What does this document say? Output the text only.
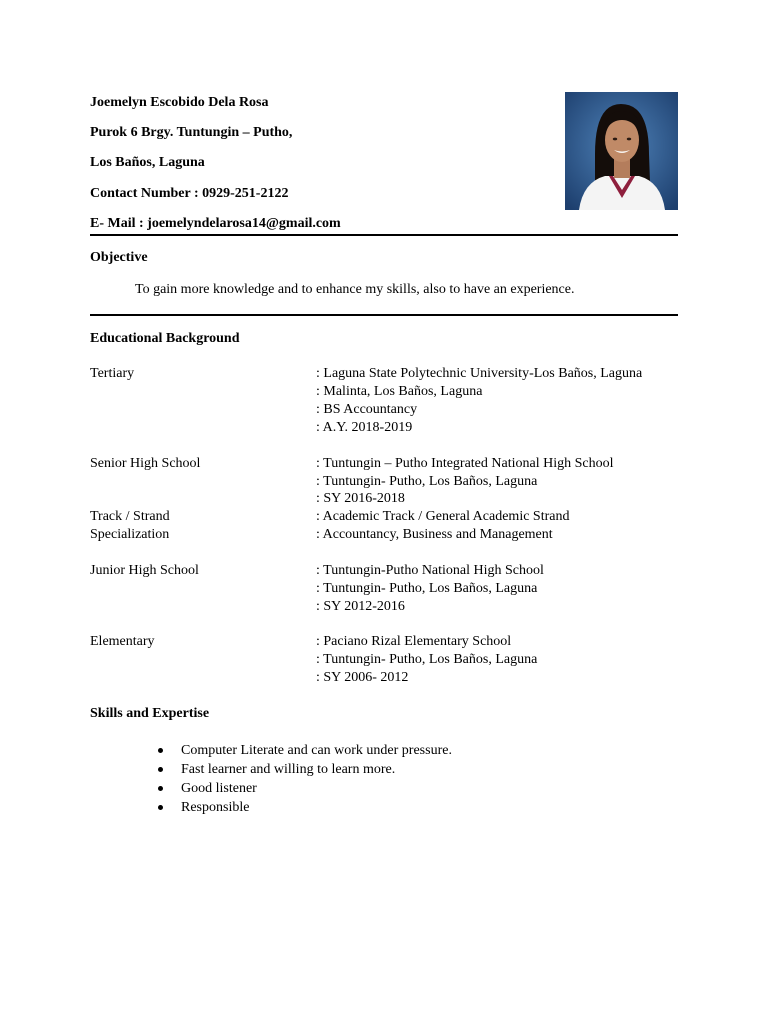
Joemelyn Escobido Dela Rosa
Purok 6 Brgy. Tuntungin – Putho,
Los Baños, Laguna
Contact Number : 0929-251-2122
E- Mail : joemelyndelarosa14@gmail.com
Objective
To gain more knowledge and to enhance my skills, also to have an experience.
Educational Background
Tertiary	: Laguna State Polytechnic University-Los Baños, Laguna
: Malinta, Los Baños, Laguna
: BS Accountancy
: A.Y. 2018-2019
Senior High School	: Tuntungin – Putho Integrated National High School
: Tuntungin- Putho, Los Baños, Laguna
: SY 2016-2018
Track / Strand	: Academic Track / General Academic Strand
Specialization	: Accountancy, Business and Management
Junior High School	: Tuntungin-Putho National High School
: Tuntungin- Putho, Los Baños, Laguna
: SY 2012-2016
Elementary	: Paciano Rizal Elementary School
: Tuntungin- Putho, Los Baños, Laguna
: SY 2006- 2012
Skills and Expertise
Computer Literate and can work under pressure.
Fast learner and willing to learn more.
Good listener
Responsible
